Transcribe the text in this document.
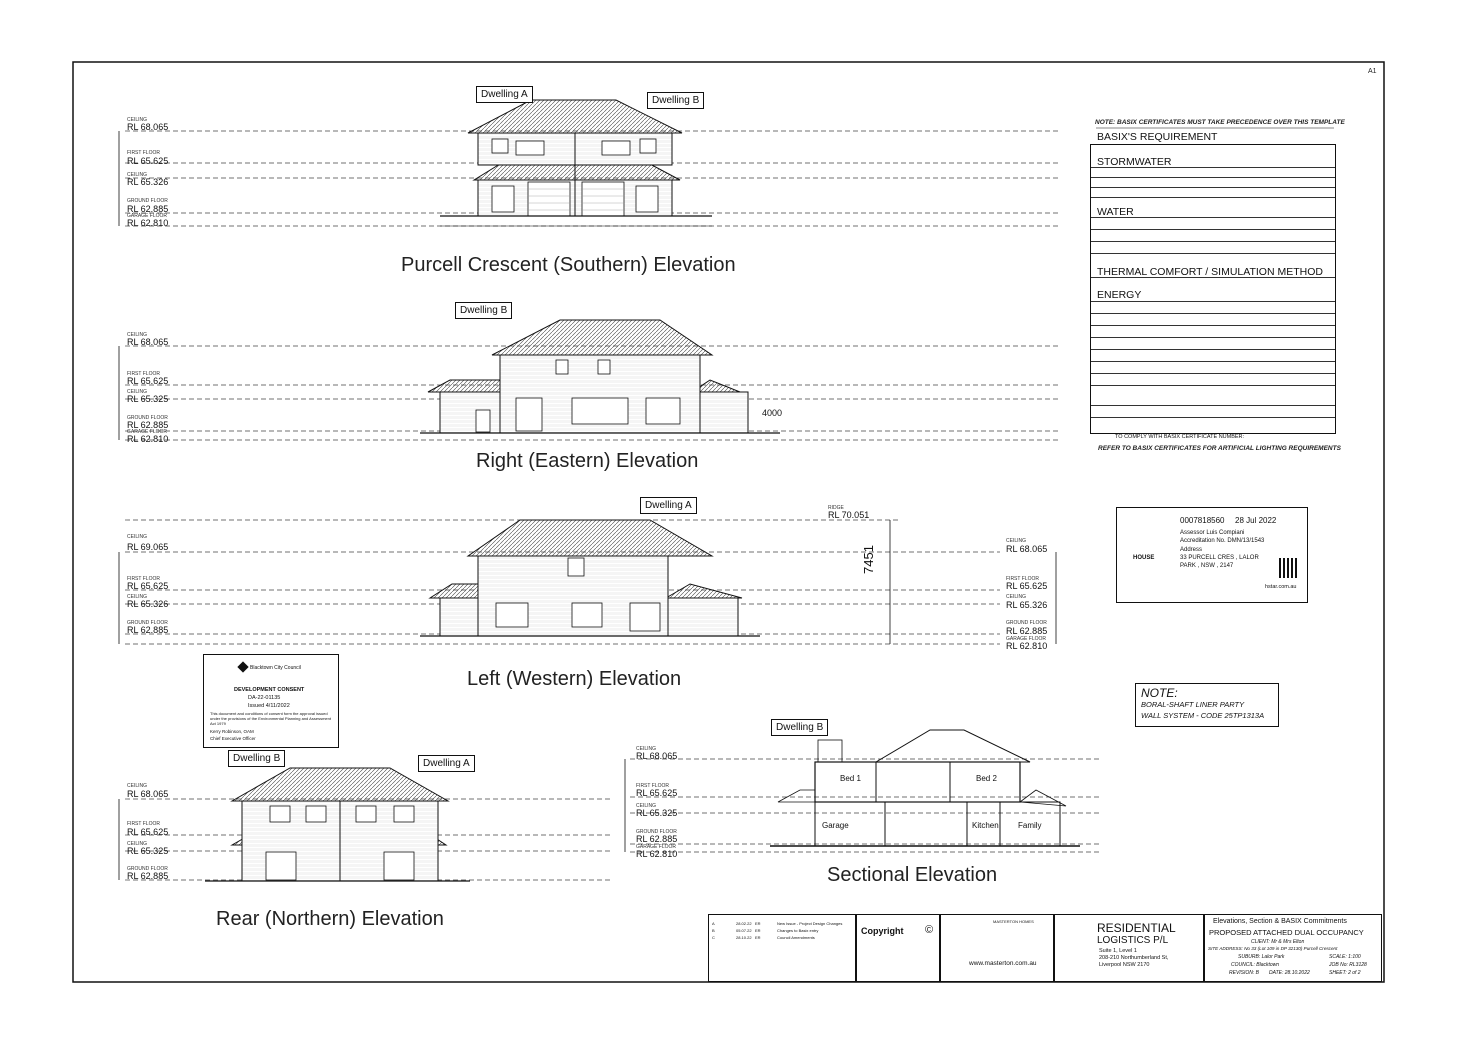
A1
Dwelling A
Dwelling B
Purcell Crescent (Southern) Elevation
CEILING
RL 68.065
FIRST FLOOR
RL 65.625
CEILING
RL 65.326
GROUND FLOOR
RL 62.885
GARAGE FLOOR
RL 62.810
Dwelling B
Right (Eastern) Elevation
4000
CEILING
RL 68.065
FIRST FLOOR
RL 65.625
CEILING
RL 65.325
GROUND FLOOR
RL 62.885
GARAGE FLOOR
RL 62.810
Dwelling A
Left (Western) Elevation
RIDGE
RL 70.051
7451
CEILING
RL 69.065
FIRST FLOOR
RL 65.625
CEILING
RL 65.326
GROUND FLOOR
RL 62.885
CEILING
RL 68.065
FIRST FLOOR
RL 65.625
CEILING
RL 65.326
GROUND FLOOR
RL 62.885
GARAGE FLOOR
RL 62.810
Dwelling B	Dwelling A
Rear (Northern) Elevation
CEILING
RL 68.065
FIRST FLOOR
RL 65.625
CEILING
RL 65.325
GROUND FLOOR
RL 62.885
Dwelling B
Sectional Elevation
Bed 1	Bed 2
Garage	Kitchen Family
CEILING
RL 68.065
FIRST FLOOR
RL 65.625
CEILING
RL 65.325
GROUND FLOOR
RL 62.885
GARAGE FLOOR
RL 62.810
NOTE: BASIX CERTIFICATES MUST TAKE PRECEDENCE OVER THIS TEMPLATE
BASIX'S REQUIREMENT
STORMWATER
WATER
THERMAL COMFORT / SIMULATION METHOD
ENERGY
TO COMPLY WITH BASIX CERTIFICATE NUMBER:
REFER TO BASIX CERTIFICATES FOR ARTIFICIAL LIGHTING REQUIREMENTS
0007818560 28 Jul 2022
Assessor Luis Compiani
Accreditation No. DMN/13/1543
Address
33 PURCELL CRES , LALOR
PARK , NSW , 2147
HOUSE
hstar.com.au
Blacktown City Council
DEVELOPMENT CONSENT
DA-22-01135
Issued 4/11/2022
This document and conditions of consent form the approval issued under the provisions of the Environmental Planning and Assessment Act 1979
Kerry Robinson, OAM
Chief Executive Officer
NOTE:
BORAL-SHAFT LINER PARTY
WALL SYSTEM - CODE 25TP1313A
A	28.02.22 ER	New Issue - Project Design Changes
B	05.07.22 ER	Changes to Basix entry
C	28.10.22 ER	Council Amendments
Copyright ©
MASTERTON HOMES
www.masterton.com.au
RESIDENTIAL
LOGISTICS P/L
Suite 1, Level 1
208-210 Northumberland St,
Liverpool NSW 2170
Elevations, Section & BASIX Commitments
PROPOSED ATTACHED DUAL OCCUPANCY
CLIENT: Mr & Mrs Elton
SITE ADDRESS: No 33 (Lot 109 in DP 32130) Purcell Crescent
SUBURB: Lalor Park	SCALE: 1:100
COUNCIL: Blacktown	JOB No: RL3128
REVISION: B DATE: 28.10.2022	SHEET: 2 of 2
